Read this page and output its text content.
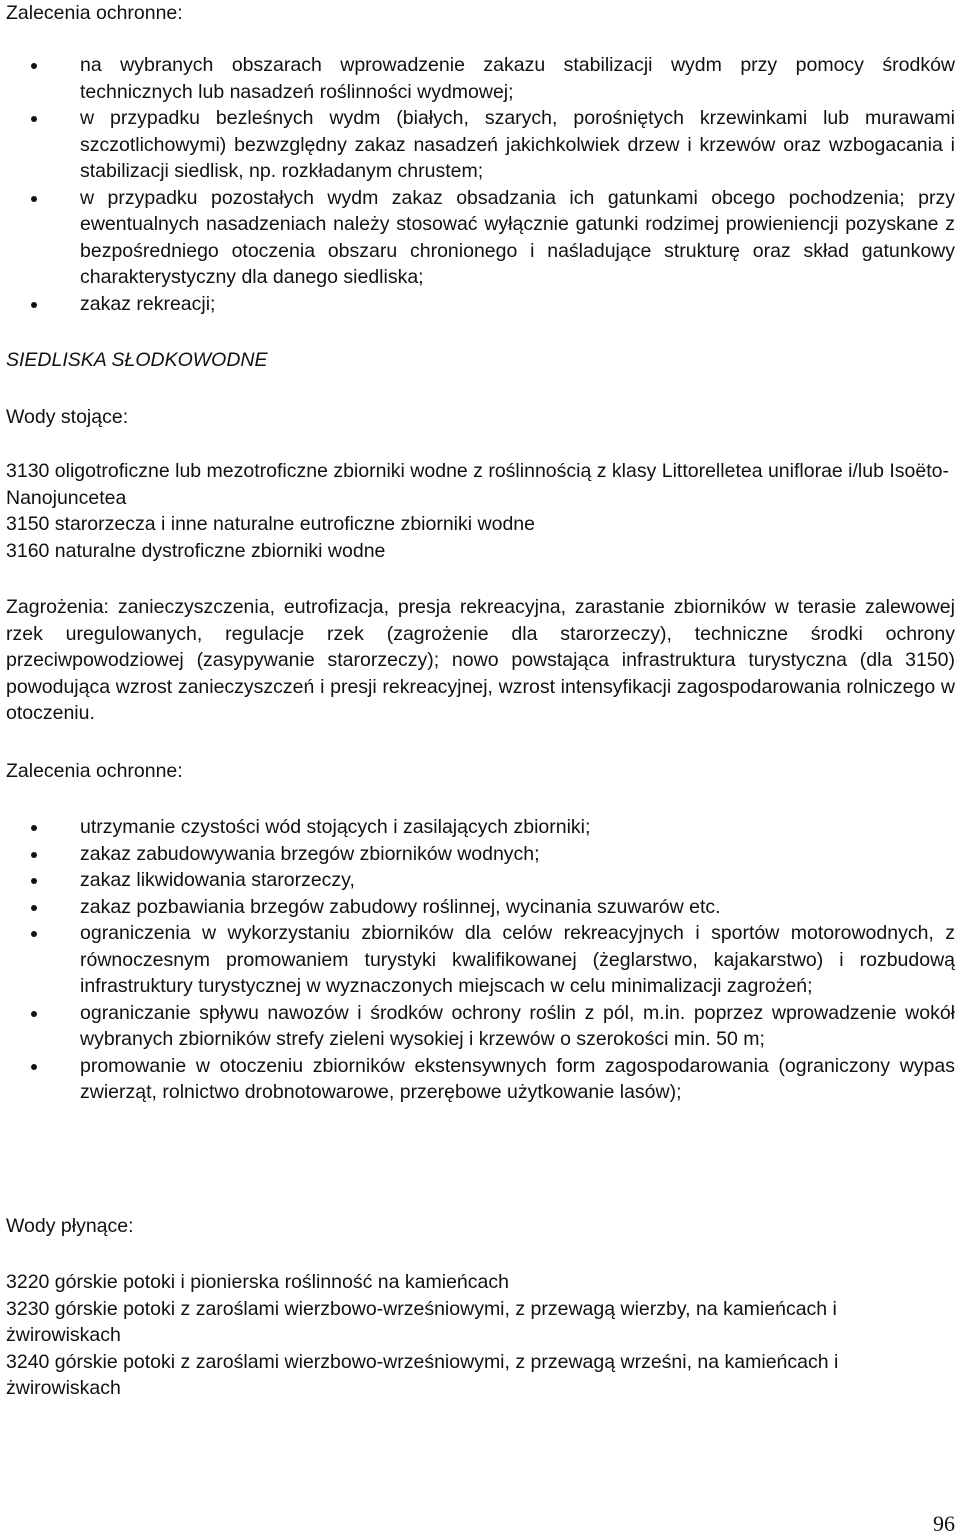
Zalecenia ochronne:
na wybranych obszarach wprowadzenie zakazu stabilizacji wydm przy pomocy środków technicznych lub nasadzeń roślinności wydmowej;
w przypadku bezleśnych wydm (białych, szarych, porośniętych krzewinkami lub murawami szczotlichowymi) bezwzględny zakaz nasadzeń jakichkolwiek drzew i krzewów oraz wzbogacania i stabilizacji siedlisk, np. rozkładanym chrustem;
w przypadku pozostałych wydm zakaz obsadzania ich gatunkami obcego pochodzenia; przy ewentualnych nasadzeniach należy stosować wyłącznie gatunki rodzimej prowieniencji pozyskane z bezpośredniego otoczenia obszaru chronionego i naśladujące strukturę oraz skład gatunkowy charakterystyczny dla danego siedliska;
zakaz rekreacji;
SIEDLISKA SŁODKOWODNE
Wody stojące:
3130 oligotroficzne lub mezotroficzne zbiorniki wodne z roślinnością z klasy Littorelletea uniflorae i/lub Isoëto-Nanojuncetea
3150 starorzecza i inne naturalne eutroficzne zbiorniki wodne
3160 naturalne dystroficzne zbiorniki wodne
Zagrożenia: zanieczyszczenia, eutrofizacja, presja rekreacyjna, zarastanie zbiorników w terasie zalewowej rzek uregulowanych, regulacje rzek (zagrożenie dla starorzeczy), techniczne środki ochrony przeciwpowodziowej (zasypywanie starorzeczy); nowo powstająca infrastruktura turystyczna (dla 3150) powodująca wzrost zanieczyszczeń i presji rekreacyjnej, wzrost intensyfikacji zagospodarowania rolniczego w otoczeniu.
Zalecenia ochronne:
utrzymanie czystości wód stojących i zasilających zbiorniki;
zakaz zabudowywania brzegów zbiorników wodnych;
zakaz likwidowania starorzeczy,
zakaz pozbawiania brzegów zabudowy roślinnej, wycinania szuwarów etc.
ograniczenia w wykorzystaniu zbiorników dla celów rekreacyjnych i sportów motorowodnych, z równoczesnym promowaniem turystyki kwalifikowanej (żeglarstwo, kajakarstwo) i rozbudową infrastruktury turystycznej w wyznaczonych miejscach w celu minimalizacji zagrożeń;
ograniczanie spływu nawozów i środków ochrony roślin z pól, m.in. poprzez wprowadzenie wokół wybranych zbiorników strefy zieleni wysokiej i krzewów o szerokości min. 50 m;
promowanie w otoczeniu zbiorników ekstensywnych form zagospodarowania (ograniczony wypas zwierząt, rolnictwo drobnotowarowe, przerębowe użytkowanie lasów);
Wody płynące:
3220 górskie potoki i pionierska roślinność na kamieńcach
3230 górskie potoki z zaroślami wierzbowo-wrześniowymi, z przewagą wierzby, na kamieńcach i żwirowiskach
3240 górskie potoki z zaroślami wierzbowo-wrześniowymi, z przewagą wrześni, na kamieńcach i żwirowiskach
96
